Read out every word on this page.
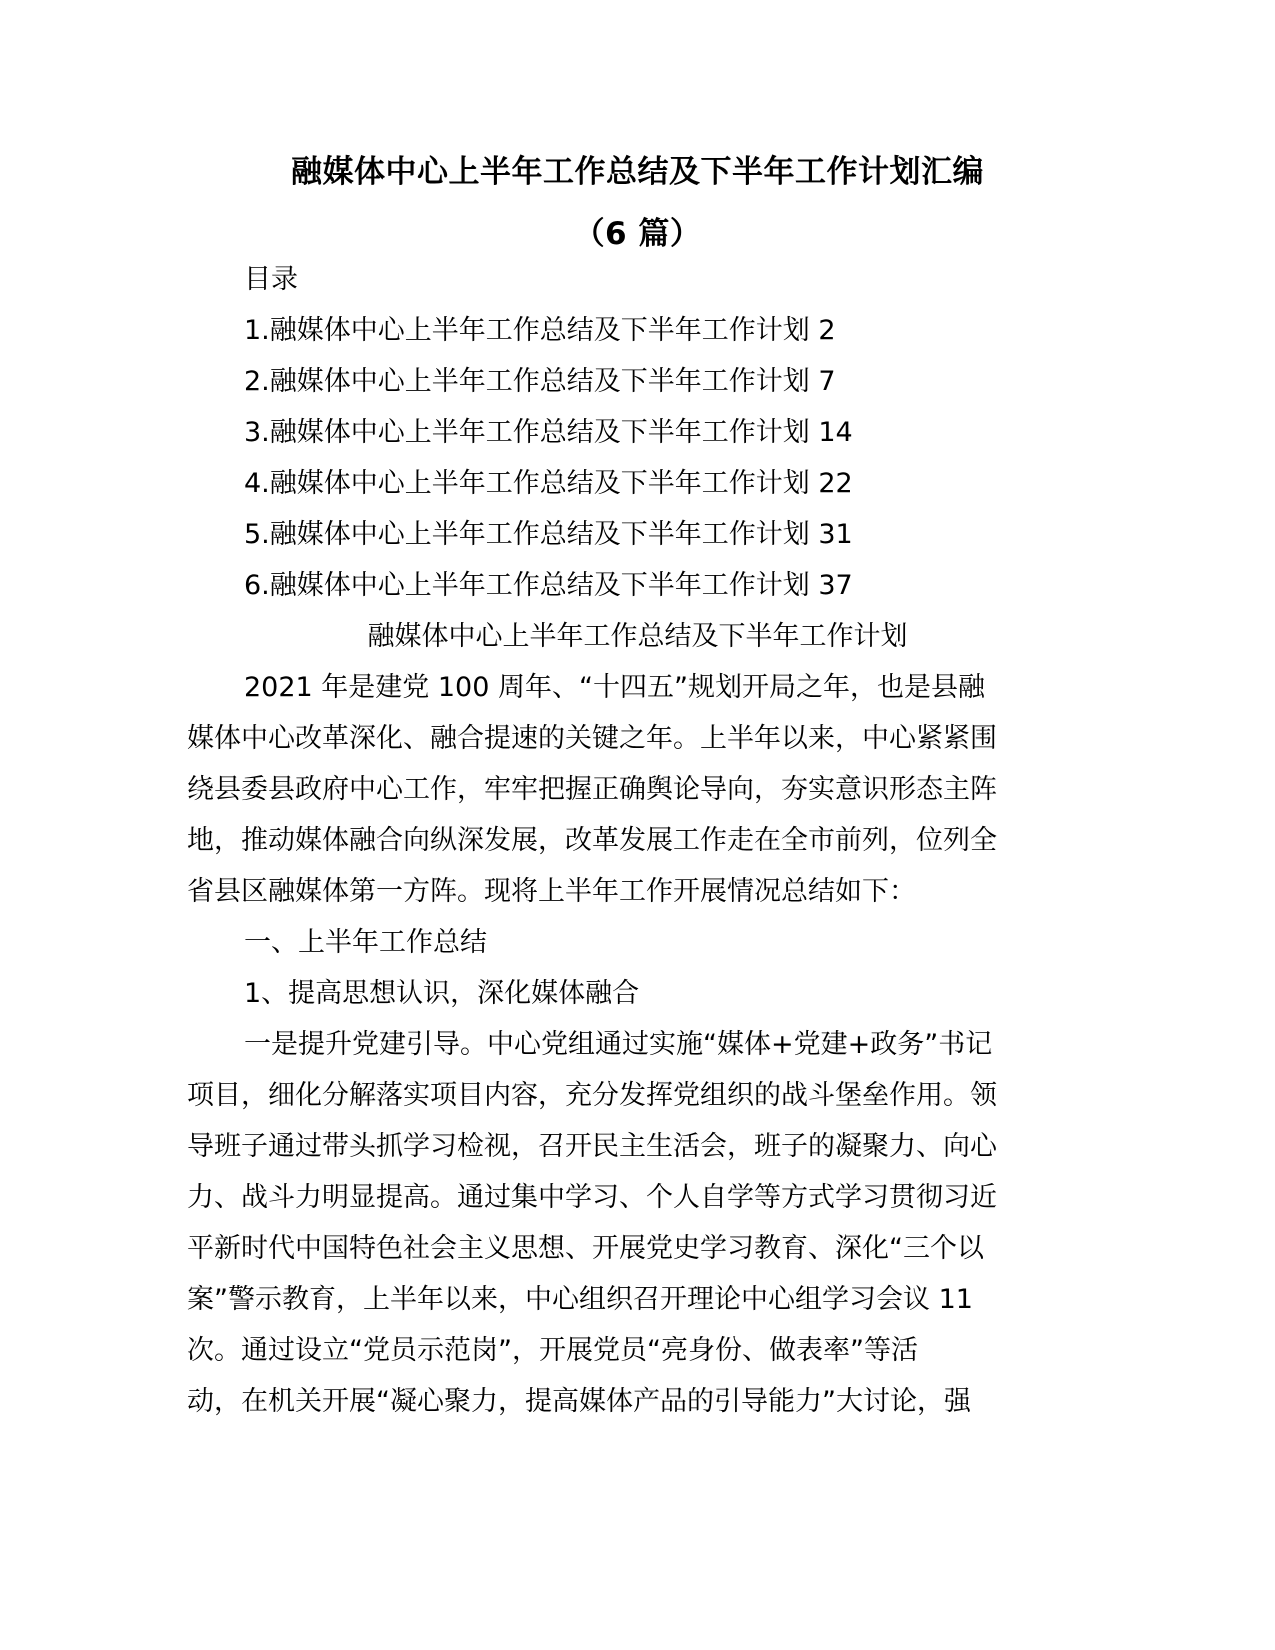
融媒体中心上半年工作总结及下半年工作计划汇编
（6 篇）
目录
1.融媒体中心上半年工作总结及下半年工作计划 2
2.融媒体中心上半年工作总结及下半年工作计划 7
3.融媒体中心上半年工作总结及下半年工作计划 14
4.融媒体中心上半年工作总结及下半年工作计划 22
5.融媒体中心上半年工作总结及下半年工作计划 31
6.融媒体中心上半年工作总结及下半年工作计划 37
融媒体中心上半年工作总结及下半年工作计划
2021 年是建党 100 周年、“十四五”规划开局之年，也是县融
媒体中心改革深化、融合提速的关键之年。上半年以来，中心紧紧围
绕县委县政府中心工作，牢牢把握正确舆论导向，夯实意识形态主阵
地，推动媒体融合向纵深发展，改革发展工作走在全市前列，位列全
省县区融媒体第一方阵。现将上半年工作开展情况总结如下：
一、上半年工作总结
1、提高思想认识，深化媒体融合
一是提升党建引导。中心党组通过实施“媒体+党建+政务”书记
项目，细化分解落实项目内容，充分发挥党组织的战斗堡垒作用。领
导班子通过带头抓学习检视，召开民主生活会，班子的凝聚力、向心
力、战斗力明显提高。通过集中学习、个人自学等方式学习贯彻习近
平新时代中国特色社会主义思想、开展党史学习教育、深化“三个以
案”警示教育，上半年以来，中心组织召开理论中心组学习会议 11
次。通过设立“党员示范岗”，开展党员“亮身份、做表率”等活
动，在机关开展“凝心聚力，提高媒体产品的引导能力”大讨论，强
